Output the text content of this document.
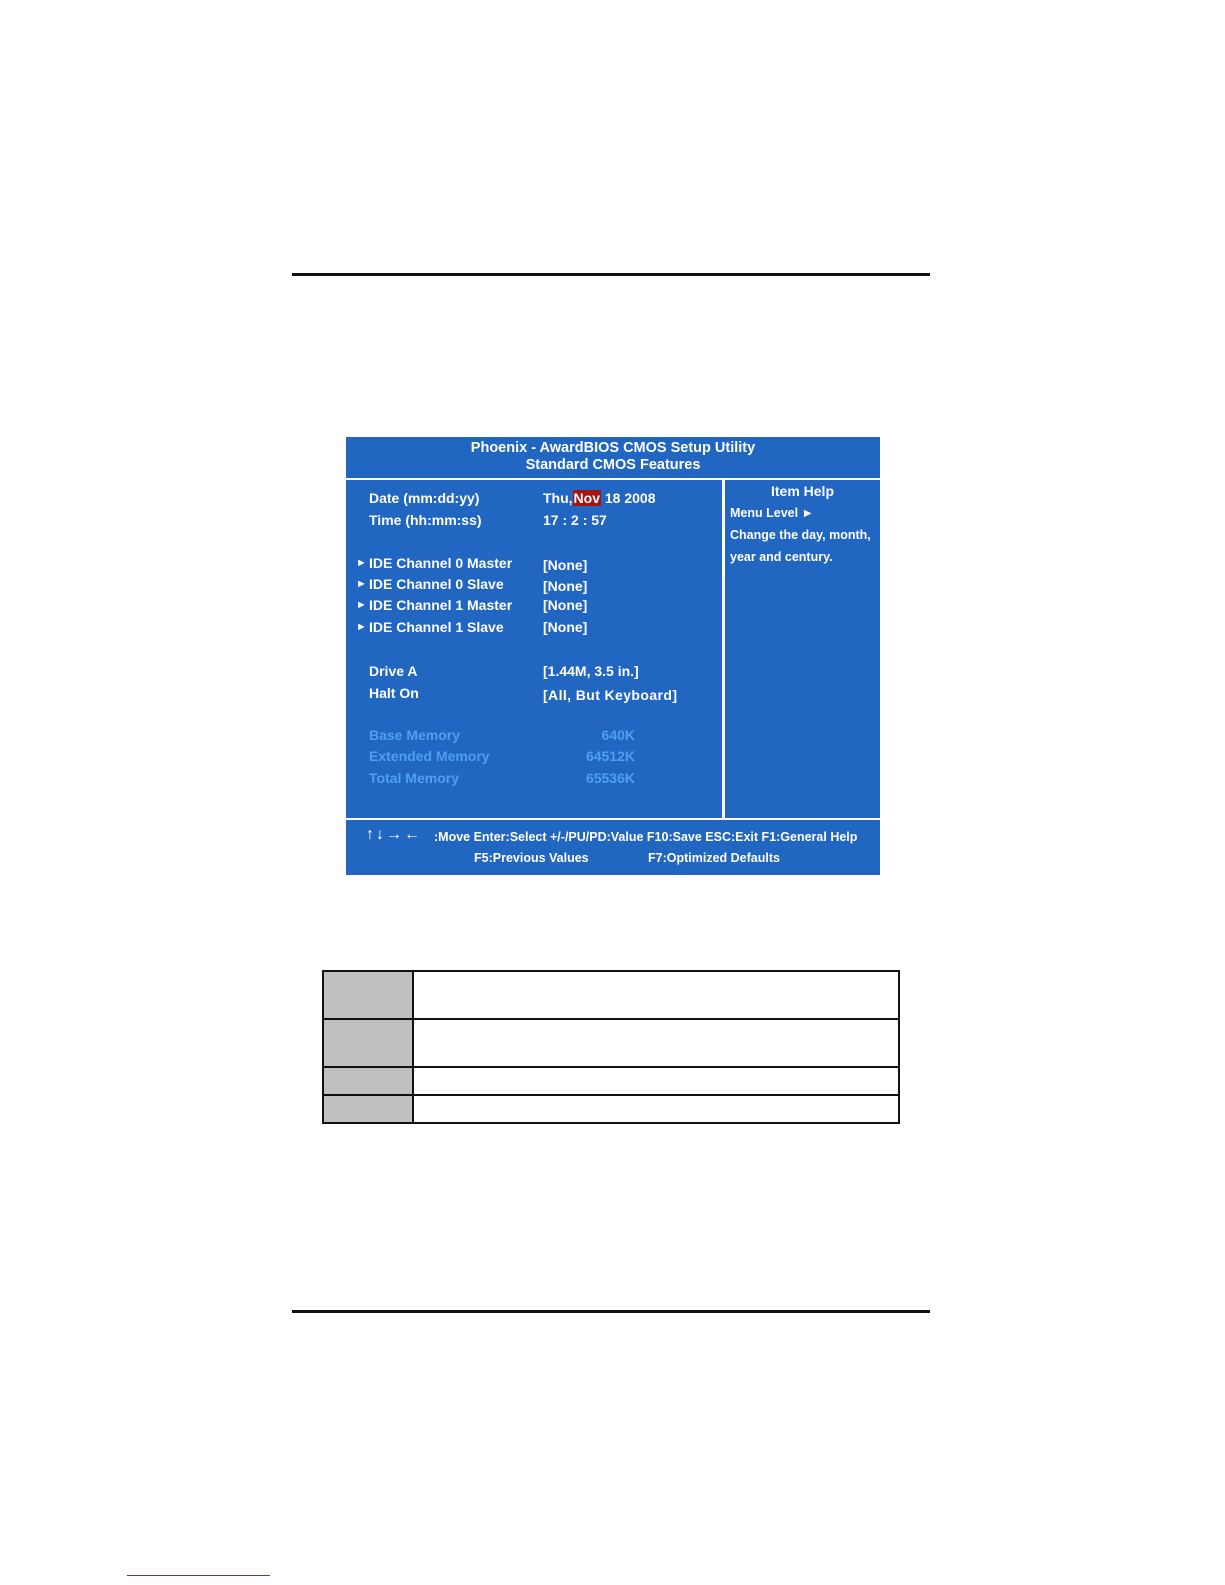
Phoenix - AwardBIOS CMOS Setup Utility
Standard CMOS Features
Date (mm:dd:yy)	Thu,Nov 18 2008
Time (hh:mm:ss)	17 : 2 : 57
► IDE Channel 0 Master [None]
► IDE Channel 0 Slave	[None]
► IDE Channel 1 Master [None]
► IDE Channel 1 Slave	[None]
Drive A	[1.44M, 3.5 in.]
Halt On	[All, But Keyboard]
Base Memory	640K
Extended Memory	64512K
Total Memory	65536K
Item Help
Menu Level ►
Change the day, month,
year and century.
↑↓→← :Move Enter:Select +/-/PU/PD:Value F10:Save ESC:Exit F1:General Help
F5:Previous Values	F7:Optimized Defaults
